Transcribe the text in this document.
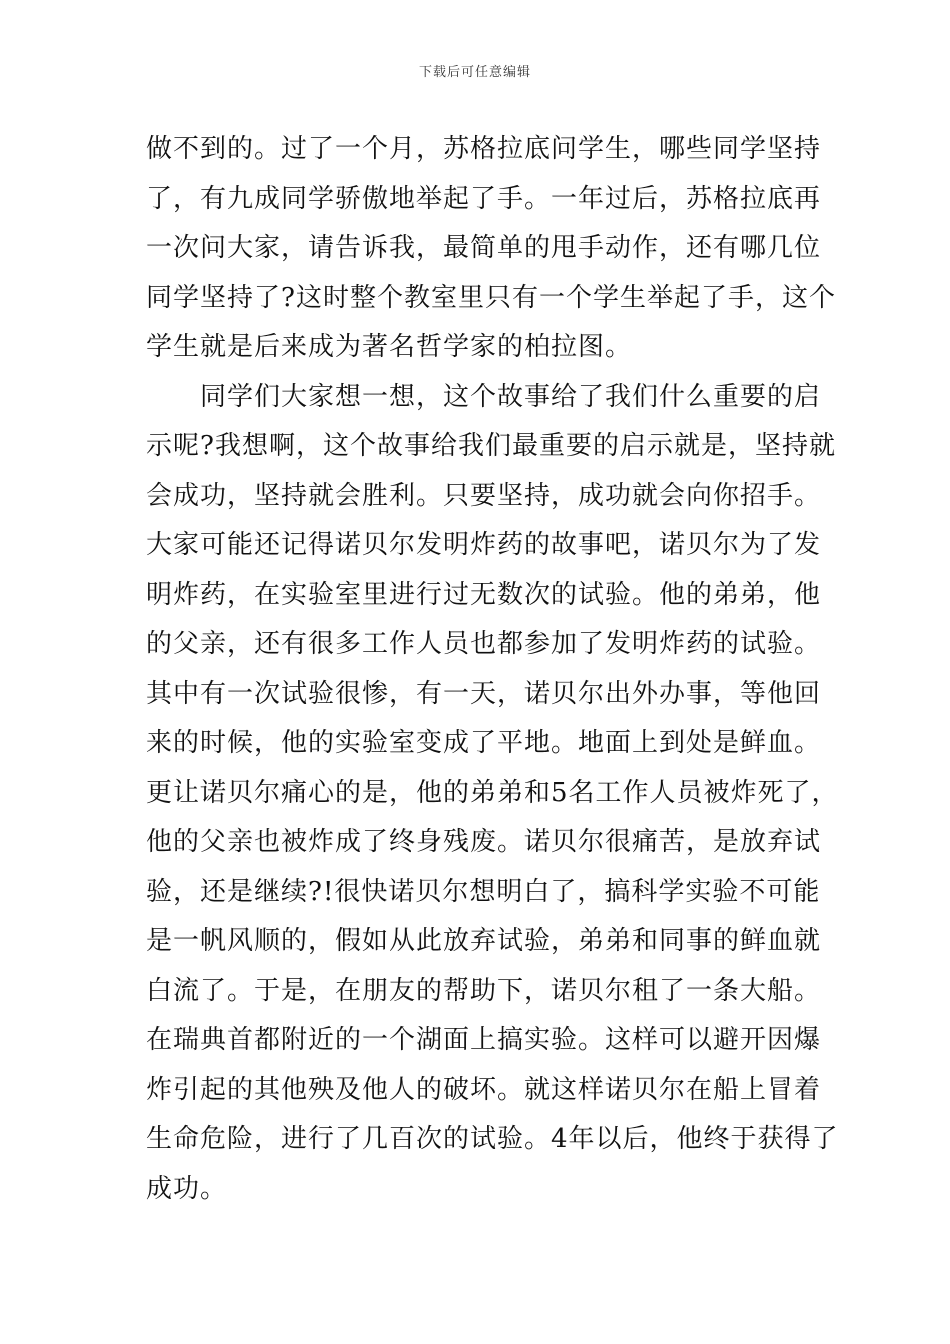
下载后可任意编辑
做不到的。过了一个月，苏格拉底问学生，哪些同学坚持
了，有九成同学骄傲地举起了手。一年过后，苏格拉底再
一次问大家，请告诉我，最简单的甩手动作，还有哪几位
同学坚持了?这时整个教室里只有一个学生举起了手，这个
学生就是后来成为著名哲学家的柏拉图。
同学们大家想一想，这个故事给了我们什么重要的启
示呢?我想啊，这个故事给我们最重要的启示就是，坚持就
会成功，坚持就会胜利。只要坚持，成功就会向你招手。
大家可能还记得诺贝尔发明炸药的故事吧，诺贝尔为了发
明炸药，在实验室里进行过无数次的试验。他的弟弟，他
的父亲，还有很多工作人员也都参加了发明炸药的试验。
其中有一次试验很惨，有一天，诺贝尔出外办事，等他回
来的时候，他的实验室变成了平地。地面上到处是鲜血。
更让诺贝尔痛心的是，他的弟弟和5名工作人员被炸死了，
他的父亲也被炸成了终身残废。诺贝尔很痛苦，是放弃试
验，还是继续?!很快诺贝尔想明白了，搞科学实验不可能
是一帆风顺的，假如从此放弃试验，弟弟和同事的鲜血就
白流了。于是，在朋友的帮助下，诺贝尔租了一条大船。
在瑞典首都附近的一个湖面上搞实验。这样可以避开因爆
炸引起的其他殃及他人的破坏。就这样诺贝尔在船上冒着
生命危险，进行了几百次的试验。4年以后，他终于获得了
成功。
